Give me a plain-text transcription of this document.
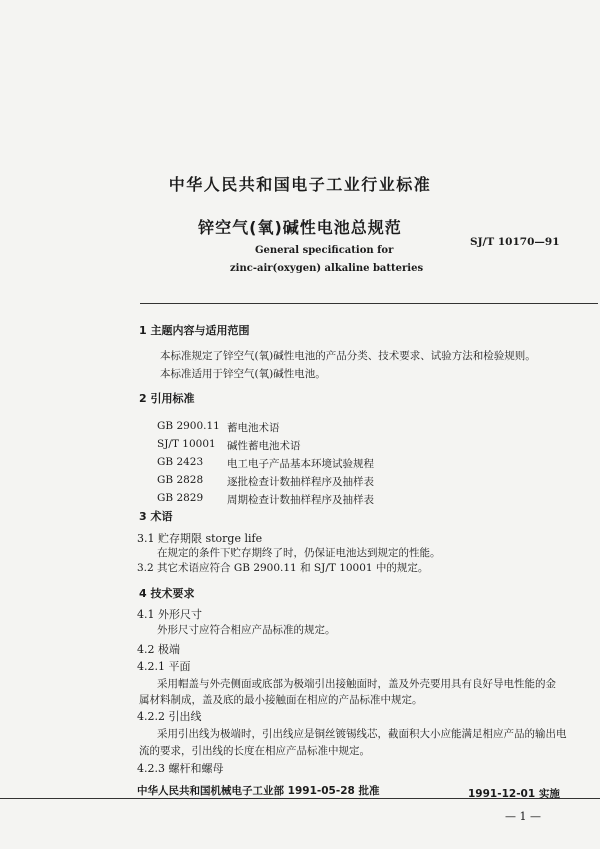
中华人民共和国电子工业行业标准
锌空气(氧)碱性电池总规范
SJ/T 10170—91
General specification for
zinc-air(oxygen) alkaline batteries
1 主题内容与适用范围
本标准规定了锌空气(氧)碱性电池的产品分类、技术要求、试验方法和检验规则。
本标准适用于锌空气(氧)碱性电池。
2 引用标准
GB 2900.11 蓄电池术语
SJ/T 10001 碱性蓄电池术语
GB 2423 电工电子产品基本环境试验规程
GB 2828 逐批检查计数抽样程序及抽样表
GB 2829 周期检查计数抽样程序及抽样表
3 术语
3.1 贮存期限 storge life
在规定的条件下贮存期终了时，仍保证电池达到规定的性能。
3.2 其它术语应符合 GB 2900.11 和 SJ/T 10001 中的规定。
4 技术要求
4.1 外形尺寸
外形尺寸应符合相应产品标准的规定。
4.2 极端
4.2.1 平面
采用帽盖与外壳侧面或底部为极端引出接触面时，盖及外壳要用具有良好导电性能的金
属材料制成，盖及底的最小接触面在相应的产品标准中规定。
4.2.2 引出线
采用引出线为极端时，引出线应是铜丝镀锡线芯，截面积大小应能满足相应产品的输出电
流的要求，引出线的长度在相应产品标准中规定。
4.2.3 螺杆和螺母
中华人民共和国机械电子工业部 1991-05-28 批准	1991-12-01 实施
— 1 —
